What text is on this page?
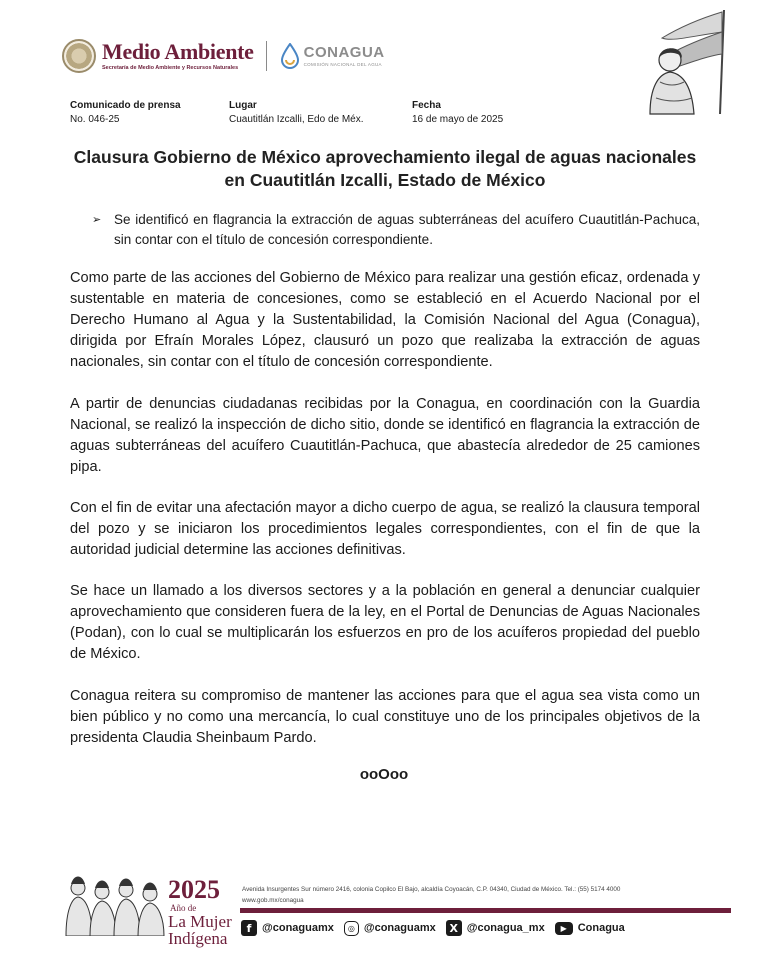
Medio Ambiente
Secretaría de Medio Ambiente y Recursos Naturales
CONAGUA
COMISIÓN NACIONAL DEL AGUA
Comunicado de prensa
No. 046-25
Lugar
Cuautitlán Izcalli, Edo de Méx.
Fecha
16 de mayo de 2025
Clausura Gobierno de México aprovechamiento ilegal de aguas nacionales en Cuautitlán Izcalli, Estado de México
➢ Se identificó en flagrancia la extracción de aguas subterráneas del acuífero Cuautitlán-Pachuca, sin contar con el título de concesión correspondiente.
Como parte de las acciones del Gobierno de México para realizar una gestión eficaz, ordenada y sustentable en materia de concesiones, como se estableció en el Acuerdo Nacional por el Derecho Humano al Agua y la Sustentabilidad, la Comisión Nacional del Agua (Conagua), dirigida por Efraín Morales López, clausuró un pozo que realizaba la extracción de aguas nacionales, sin contar con el título de concesión correspondiente.
A partir de denuncias ciudadanas recibidas por la Conagua, en coordinación con la Guardia Nacional, se realizó la inspección de dicho sitio, donde se identificó en flagrancia la extracción de aguas subterráneas del acuífero Cuautitlán-Pachuca, que abastecía alrededor de 25 camiones pipa.
Con el fin de evitar una afectación mayor a dicho cuerpo de agua, se realizó la clausura temporal del pozo y se iniciaron los procedimientos legales correspondientes, con el fin de que la autoridad judicial determine las acciones definitivas.
Se hace un llamado a los diversos sectores y a la población en general a denunciar cualquier aprovechamiento que consideren fuera de la ley, en el Portal de Denuncias de Aguas Nacionales (Podan), con lo cual se multiplicarán los esfuerzos en pro de los acuíferos propiedad del pueblo de México.
Conagua reitera su compromiso de mantener las acciones para que el agua sea vista como un bien público y no como una mercancía, lo cual constituye uno de los principales objetivos de la presidenta Claudia Sheinbaum Pardo.
ooOoo
2025
Año de
La Mujer
Indígena
Avenida Insurgentes Sur número 2416, colonia Copilco El Bajo, alcaldía Coyoacán, C.P. 04340, Ciudad de México. Tel.: (55) 5174 4000
www.gob.mx/conagua
f @conaguamx	◎ @conaguamx	X @conagua_mx	▶ Conagua
